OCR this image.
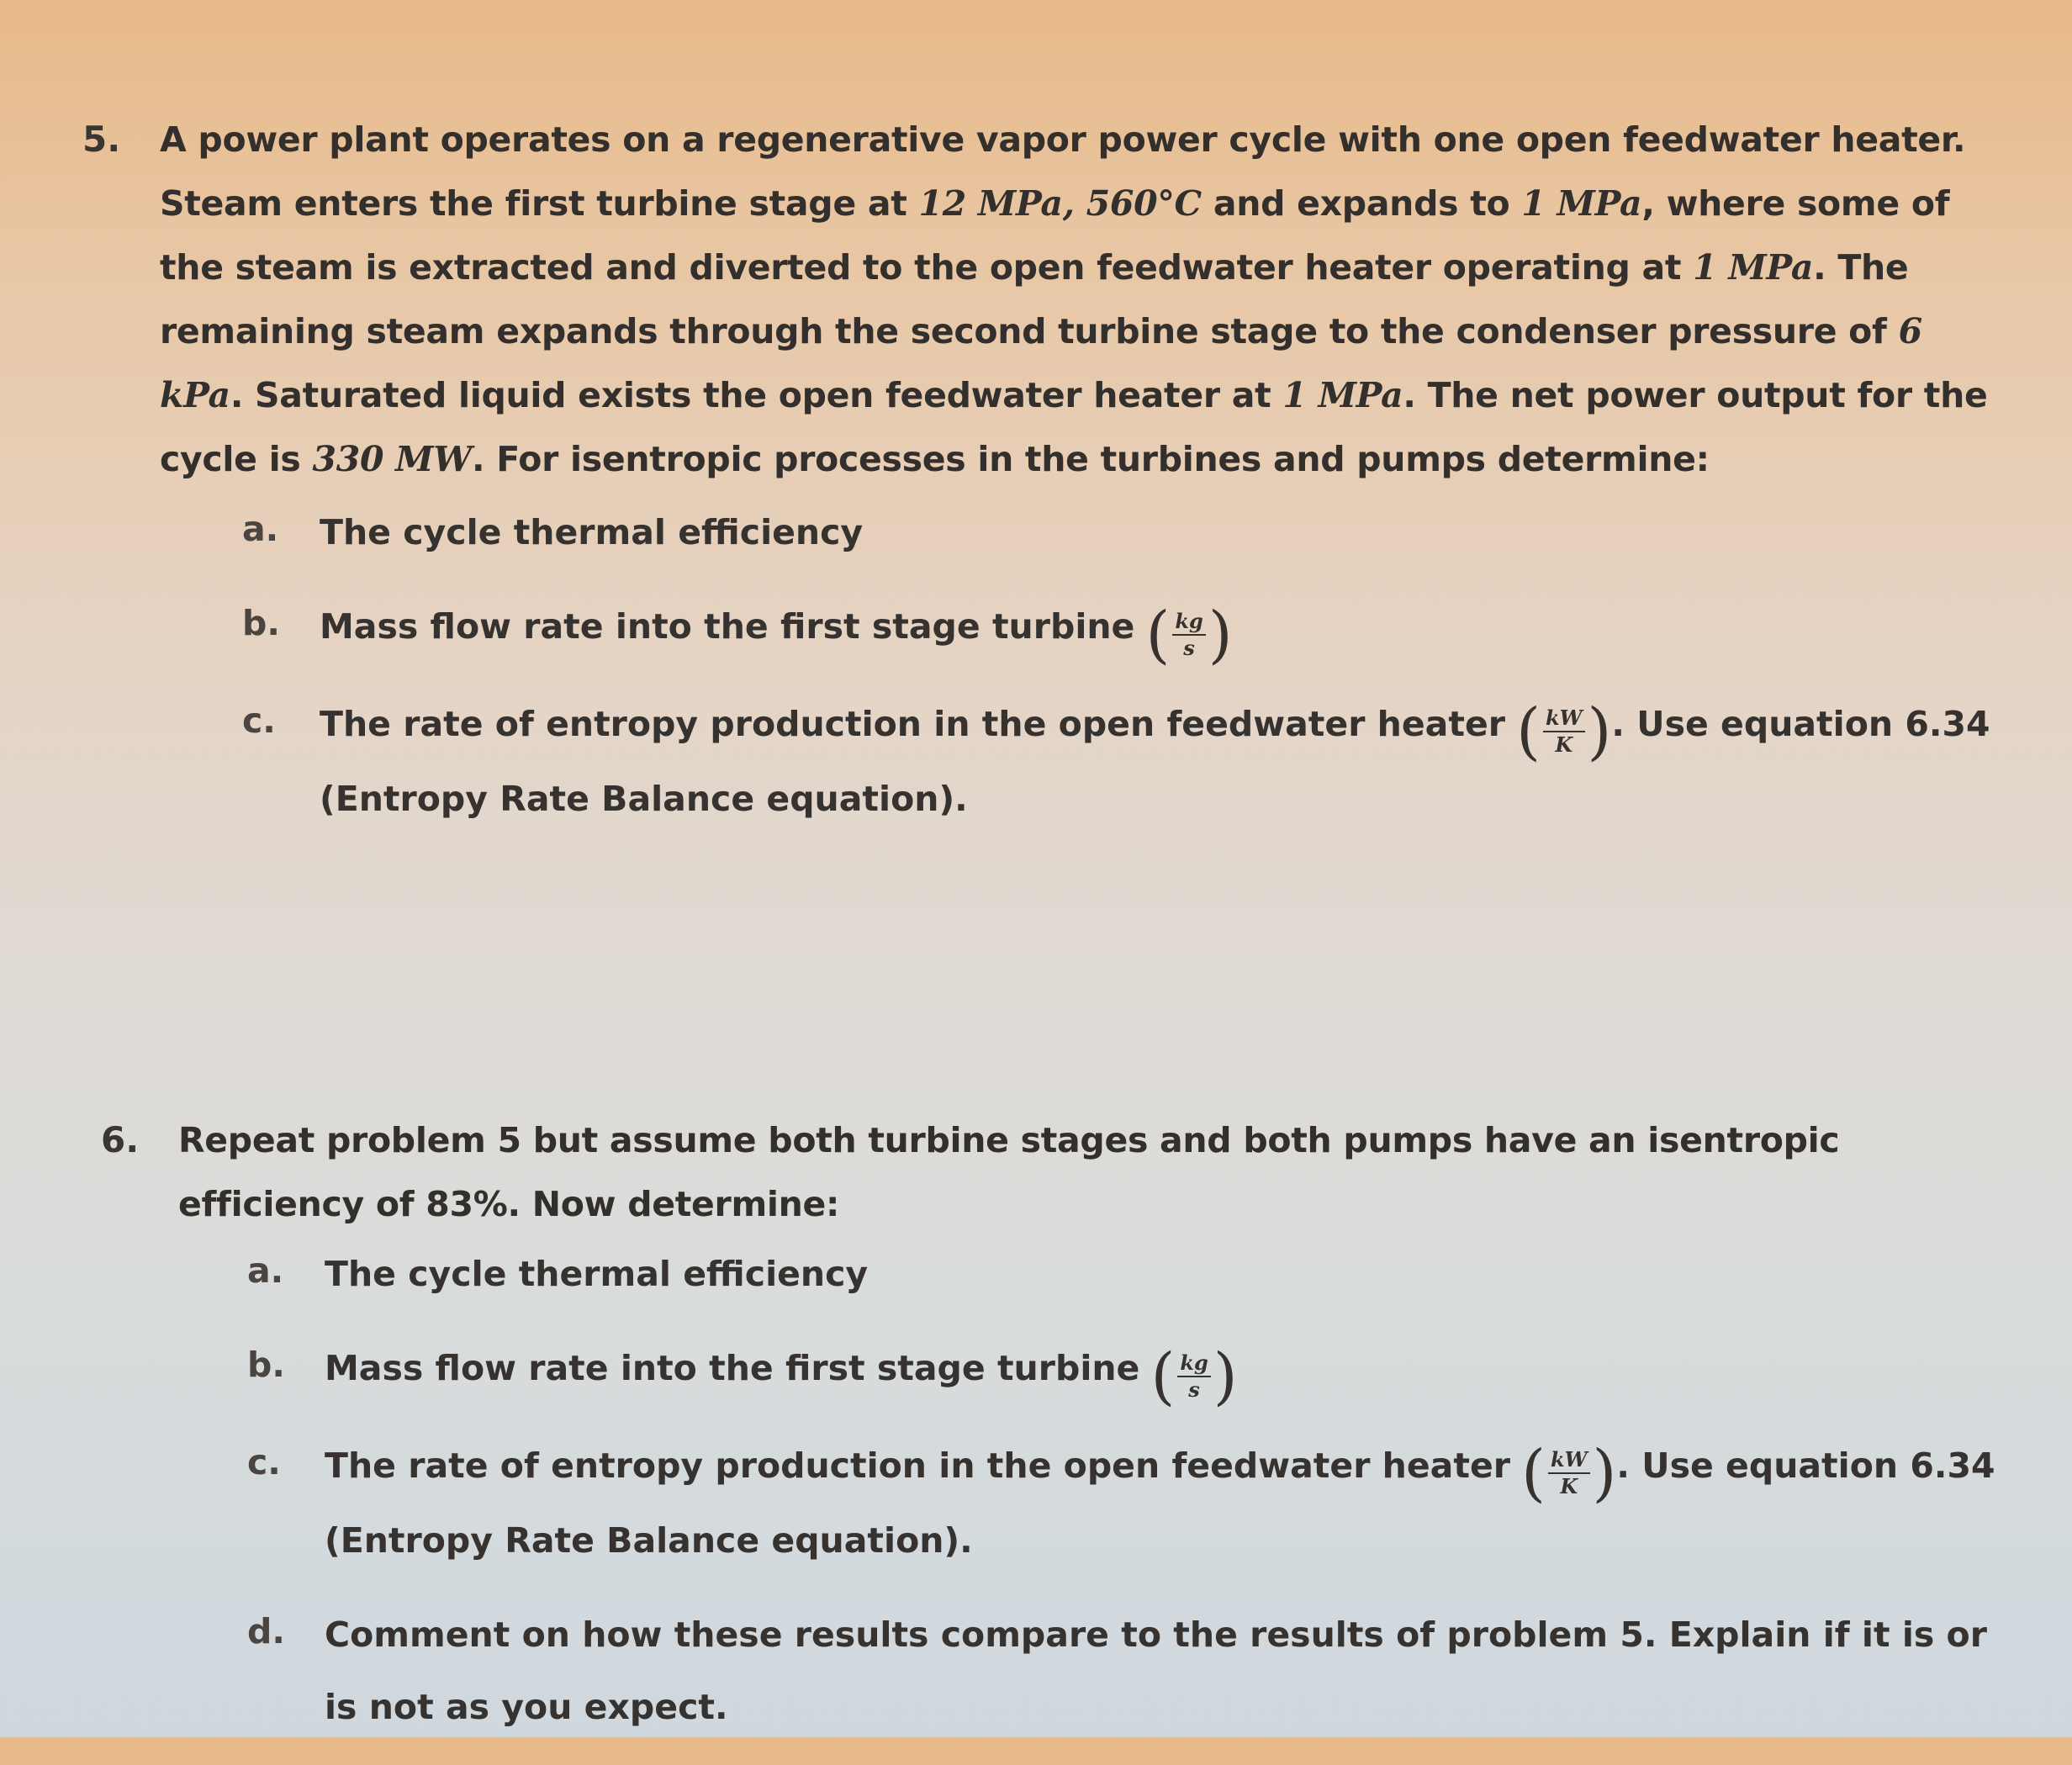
5. A power plant operates on a regenerative vapor power cycle with one open feedwater heater. Steam enters the first turbine stage at 12 MPa, 560°C and expands to 1 MPa, where some of the steam is extracted and diverted to the open feedwater heater operating at 1 MPa. The remaining steam expands through the second turbine stage to the condenser pressure of 6 kPa. Saturated liquid exists the open feedwater heater at 1 MPa. The net power output for the cycle is 330 MW. For isentropic processes in the turbines and pumps determine:
a. The cycle thermal efficiency
b. Mass flow rate into the first stage turbine ( $\frac{kg}{s}$ )
c. The rate of entropy production in the open feedwater heater ( $\frac{kW}{K}$ ) . Use equation 6.34 (Entropy Rate Balance equation).
6. Repeat problem 5 but assume both turbine stages and both pumps have an isentropic efficiency of 83%. Now determine:
a. The cycle thermal efficiency
b. Mass flow rate into the first stage turbine ( $\frac{kg}{s}$ )
c. The rate of entropy production in the open feedwater heater ( $\frac{kW}{K}$ ) . Use equation 6.34 (Entropy Rate Balance equation).
d. Comment on how these results compare to the results of problem 5. Explain if it is or is not as you expect.
